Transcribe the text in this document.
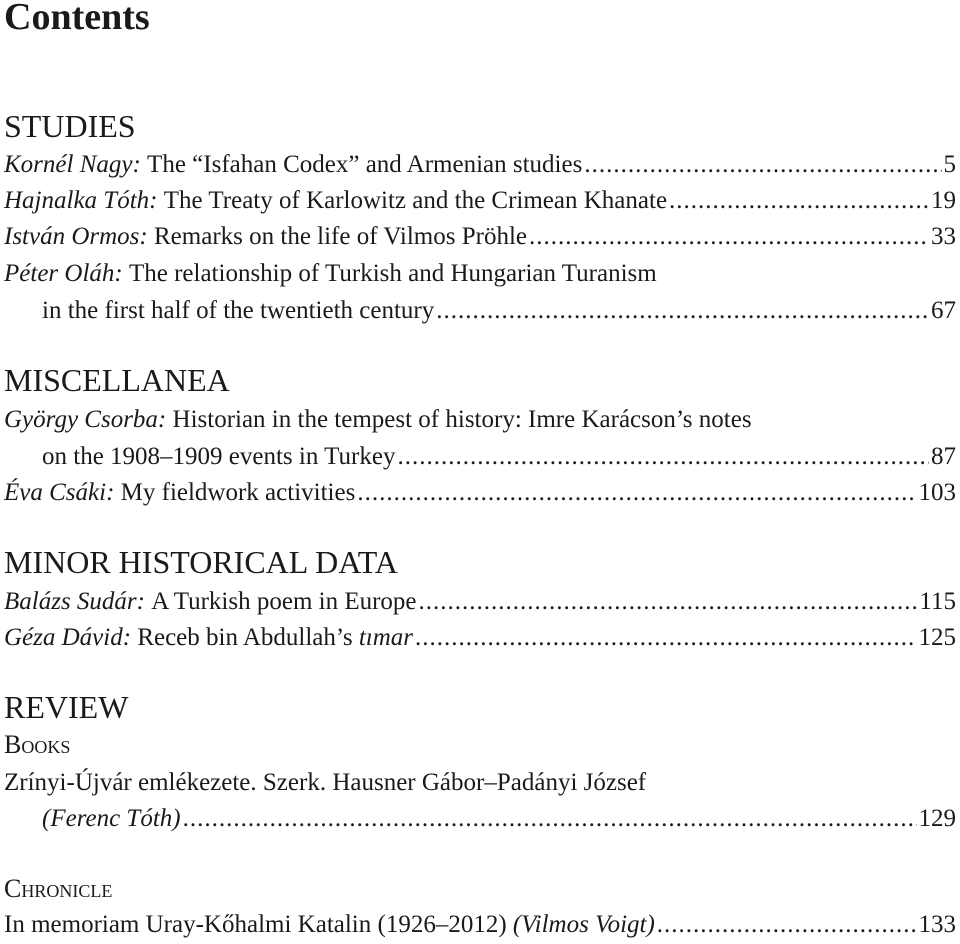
Contents
STUDIES
Kornél Nagy:
The “Isfahan Codex” and Armenian studies .....	5
Hajnalka Tóth:
The Treaty of Karlowitz and the Crimean Khanate .....	19
István Ormos:
Remarks on the life of Vilmos Pröhle .....	33
Péter Oláh: The relationship of Turkish and Hungarian Turanism
in the first half of the twentieth century .....	67
MISCELLANEA
György Csorba: Historian in the tempest of history: Imre Karácson’s notes
on the 1908–1909 events in Turkey .....	87
Éva Csáki:
My fieldwork activities .....	103
MINOR HISTORICAL DATA
Balázs Sudár:
A Turkish poem in Europe .....	115
Géza Dávid:
Receb bin Abdullah’s tımar .....	125
REVIEW
Books
Zrínyi-Újvár emlékezete. Szerk. Hausner Gábor–Padányi József
(Ferenc Tóth) .....	129
Chronicle
In memoriam Uray-Kőhalmi Katalin (1926–2012) (Vilmos Voigt) .....	133
